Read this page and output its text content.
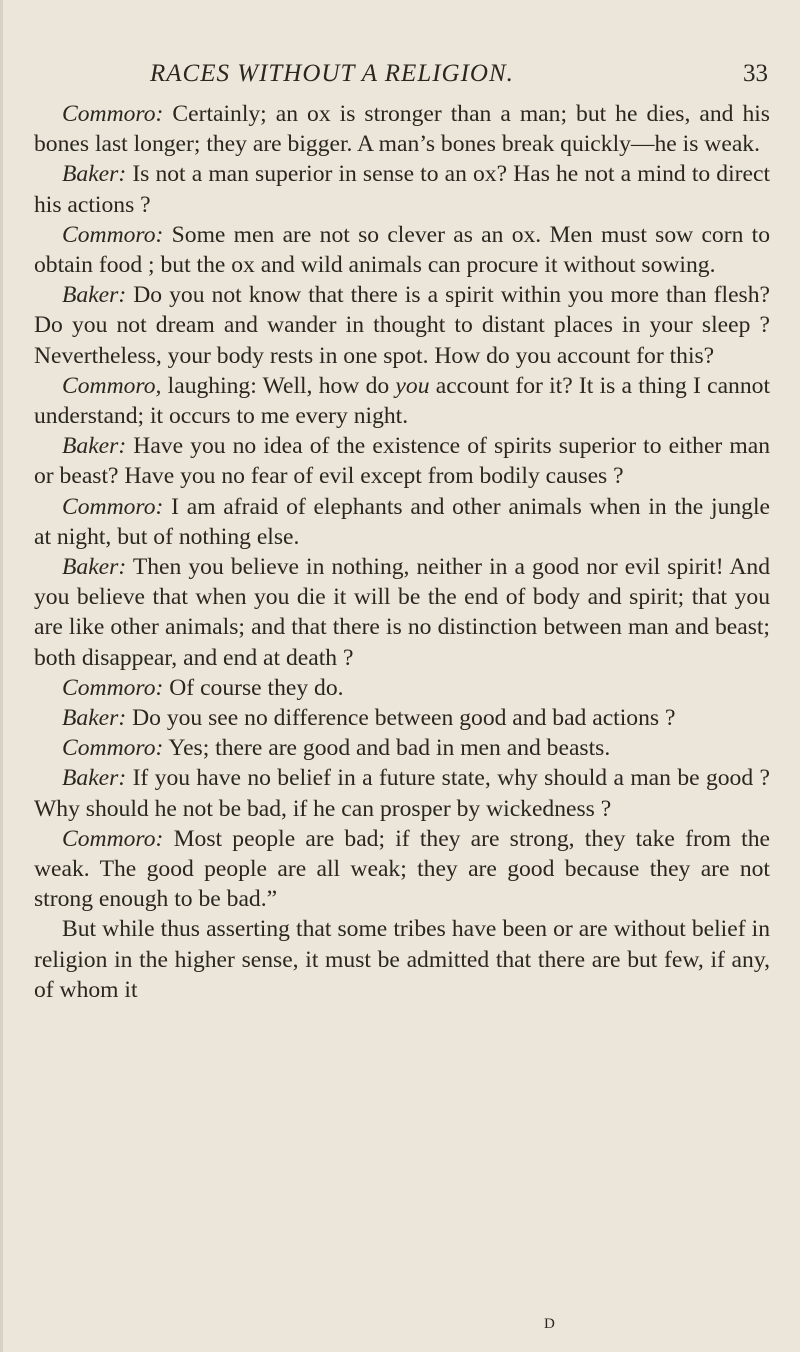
RACES WITHOUT A RELIGION.	33

Commoro: Certainly; an ox is stronger than a man; but he dies, and his bones last longer; they are bigger. A man’s bones break quickly—he is weak.

Baker: Is not a man superior in sense to an ox? Has he not a mind to direct his actions ?

Commoro: Some men are not so clever as an ox. Men must sow corn to obtain food ; but the ox and wild animals can procure it without sowing.

Baker: Do you not know that there is a spirit within you more than flesh? Do you not dream and wander in thought to distant places in your sleep ? Nevertheless, your body rests in one spot. How do you account for this?

Commoro, laughing: Well, how do you account for it? It is a thing I cannot understand; it occurs to me every night.

Baker: Have you no idea of the existence of spirits superior to either man or beast? Have you no fear of evil except from bodily causes ?

Commoro: I am afraid of elephants and other animals when in the jungle at night, but of nothing else.

Baker: Then you believe in nothing, neither in a good nor evil spirit! And you believe that when you die it will be the end of body and spirit; that you are like other animals; and that there is no distinction between man and beast; both disappear, and end at death ?

Commoro: Of course they do.

Baker: Do you see no difference between good and bad actions ?

Commoro: Yes; there are good and bad in men and beasts.

Baker: If you have no belief in a future state, why should a man be good ? Why should he not be bad, if he can prosper by wickedness ?

Commoro: Most people are bad; if they are strong, they take from the weak. The good people are all weak; they are good because they are not strong enough to be bad.”

But while thus asserting that some tribes have been or are without belief in religion in the higher sense, it must be admitted that there are but few, if any, of whom it

D
